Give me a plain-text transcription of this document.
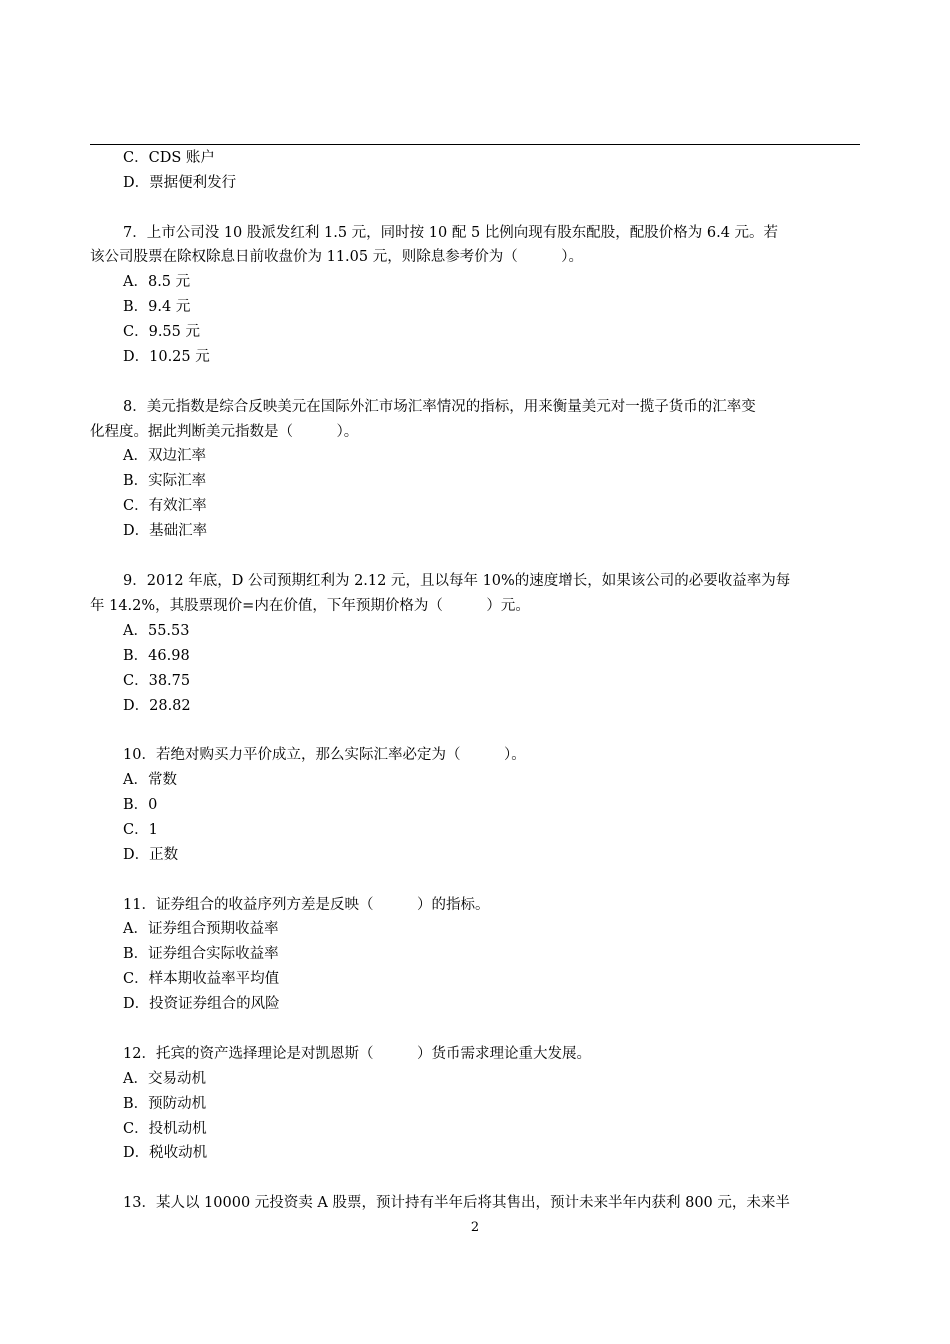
C．CDS 账户
D．票据便利发行
7．上市公司没 10 股派发红利 1.5 元，同时按 10 配 5 比例向现有股东配股，配股价格为 6.4 元。若
该公司股票在除权除息日前收盘价为 11.05 元，则除息参考价为（　　　）。
A．8.5 元
B．9.4 元
C．9.55 元
D．10.25 元
8．美元指数是综合反映美元在国际外汇市场汇率情况的指标，用来衡量美元对一揽子货币的汇率变
化程度。据此判断美元指数是（　　　）。
A．双边汇率
B．实际汇率
C．有效汇率
D．基础汇率
9．2012 年底，D 公司预期红利为 2.12 元，且以每年 10%的速度增长，如果该公司的必要收益率为每
年 14.2%，其股票现价=内在价值，下年预期价格为（　　　）元。
A．55.53
B．46.98
C．38.75
D．28.82
10．若绝对购买力平价成立，那么实际汇率必定为（　　　）。
A．常数
B．0
C．1
D．正数
11．证券组合的收益序列方差是反映（　　　）的指标。
A．证券组合预期收益率
B．证券组合实际收益率
C．样本期收益率平均值
D．投资证券组合的风险
12．托宾的资产选择理论是对凯恩斯（　　　）货币需求理论重大发展。
A．交易动机
B．预防动机
C．投机动机
D．税收动机
13．某人以 10000 元投资卖 A 股票，预计持有半年后将其售出，预计未来半年内获利 800 元，未来半
2
